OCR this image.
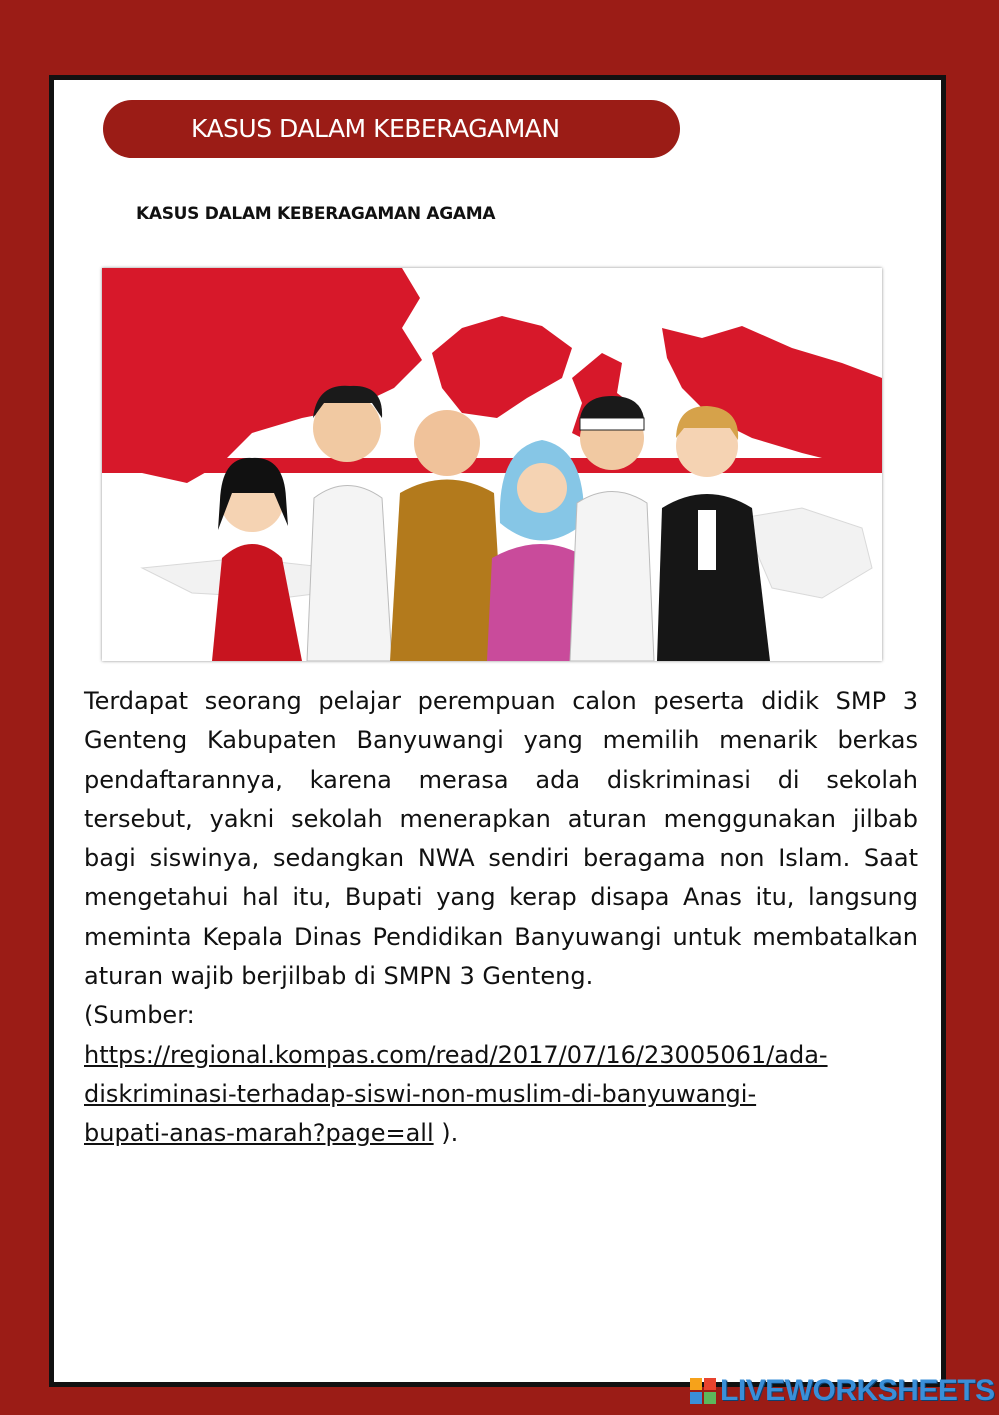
KASUS DALAM KEBERAGAMAN
KASUS DALAM KEBERAGAMAN AGAMA
Terdapat seorang pelajar perempuan calon peserta didik SMP 3 Genteng Kabupaten Banyuwangi yang memilih menarik berkas pendaftarannya, karena merasa ada diskriminasi di sekolah tersebut, yakni sekolah menerapkan aturan menggunakan jilbab bagi siswinya, sedangkan NWA sendiri beragama non Islam. Saat mengetahui hal itu, Bupati yang kerap disapa Anas itu, langsung meminta Kepala Dinas Pendidikan Banyuwangi untuk membatalkan aturan wajib berjilbab di SMPN 3 Genteng.
(Sumber:
https://regional.kompas.com/read/2017/07/16/23005061/ada-
diskriminasi-terhadap-siswi-non-muslim-di-banyuwangi-
bupati-anas-marah?page=all ).
LIVEWORKSHEETS
